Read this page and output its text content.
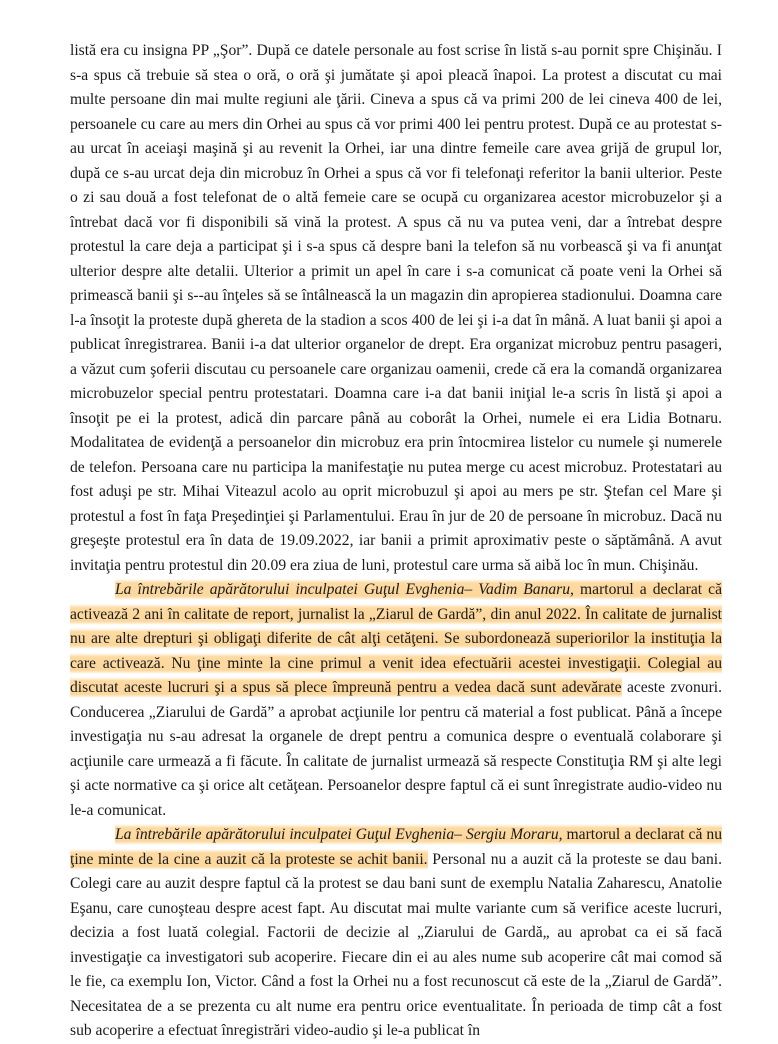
listă era cu insigna PP „Şor”. După ce datele personale au fost scrise în listă s-au pornit spre Chişinău. I s-a spus că trebuie să stea o oră, o oră şi jumătate şi apoi pleacă înapoi. La protest a discutat cu mai multe persoane din mai multe regiuni ale ţării. Cineva a spus că va primi 200 de lei cineva 400 de lei, persoanele cu care au mers din Orhei au spus că vor primi 400 lei pentru protest. După ce au protestat s-au urcat în aceiaşi maşină şi au revenit la Orhei, iar una dintre femeile care avea grijă de grupul lor, după ce s-au urcat deja din microbuz în Orhei a spus că vor fi telefonaţi referitor la banii ulterior. Peste o zi sau două a fost telefonat de o altă femeie care se ocupă cu organizarea acestor microbuzelor şi a întrebat dacă vor fi disponibili să vină la protest. A spus că nu va putea veni, dar a întrebat despre protestul la care deja a participat şi i s-a spus că despre bani la telefon să nu vorbească şi va fi anunţat ulterior despre alte detalii. Ulterior a primit un apel în care i s-a comunicat că poate veni la Orhei să primească banii şi s--au înţeles să se întâlnească la un magazin din apropierea stadionului. Doamna care l-a însoţit la proteste după ghereta de la stadion a scos 400 de lei şi i-a dat în mână. A luat banii şi apoi a publicat înregistrarea. Banii i-a dat ulterior organelor de drept. Era organizat microbuz pentru pasageri, a văzut cum şoferii discutau cu persoanele care organizau oamenii, crede că era la comandă organizarea microbuzelor special pentru protestatari. Doamna care i-a dat banii iniţial le-a scris în listă şi apoi a însoţit pe ei la protest, adică din parcare până au coborât la Orhei, numele ei era Lidia Botnaru. Modalitatea de evidenţă a persoanelor din microbuz era prin întocmirea listelor cu numele şi numerele de telefon. Persoana care nu participa la manifestaţie nu putea merge cu acest microbuz. Protestatari au fost aduşi pe str. Mihai Viteazul acolo au oprit microbuzul şi apoi au mers pe str. Ştefan cel Mare şi protestul a fost în faţa Preşedinţiei şi Parlamentului. Erau în jur de 20 de persoane în microbuz. Dacă nu greşeşte protestul era în data de 19.09.2022, iar banii a primit aproximativ peste o săptămână. A avut invitaţia pentru protestul din 20.09 era ziua de luni, protestul care urma să aibă loc în mun. Chişinău.

La întrebările apărătorului inculpatei Guţul Evghenia– Vadim Banaru, martorul a declarat că activează 2 ani în calitate de report, jurnalist la „Ziarul de Gardă”, din anul 2022. În calitate de jurnalist nu are alte drepturi şi obligaţi diferite de cât alţi cetăţeni. Se subordonează superiorilor la instituţia la care activează. Nu ţine minte la cine primul a venit idea efectuării acestei investigaţii. Colegial au discutat aceste lucruri şi a spus să plece împreună pentru a vedea dacă sunt adevărate aceste zvonuri. Conducerea „Ziarului de Gardă” a aprobat acţiunile lor pentru că material a fost publicat. Până a începe investigaţia nu s-au adresat la organele de drept pentru a comunica despre o eventuală colaborare şi acţiunile care urmează a fi făcute. În calitate de jurnalist urmează să respecte Constituţia RM şi alte legi şi acte normative ca şi orice alt cetăţean. Persoanelor despre faptul că ei sunt înregistrate audio-video nu le-a comunicat.

La întrebările apărătorului inculpatei Guţul Evghenia– Sergiu Moraru, martorul a declarat că nu ţine minte de la cine a auzit că la proteste se achit banii. Personal nu a auzit că la proteste se dau bani. Colegi care au auzit despre faptul că la protest se dau bani sunt de exemplu Natalia Zaharescu, Anatolie Eşanu, care cunoşteau despre acest fapt. Au discutat mai multe variante cum să verifice aceste lucruri, decizia a fost luată colegial. Factorii de decizie al „Ziarului de Gardă„ au aprobat ca ei să facă investigaţie ca investigatori sub acoperire. Fiecare din ei au ales nume sub acoperire cât mai comod să le fie, ca exemplu Ion, Victor. Când a fost la Orhei nu a fost recunoscut că este de la „Ziarul de Gardă”. Necesitatea de a se prezenta cu alt nume era pentru orice eventualitate. În perioada de timp cât a fost sub acoperire a efectuat înregistrări video-audio şi le-a publicat în
